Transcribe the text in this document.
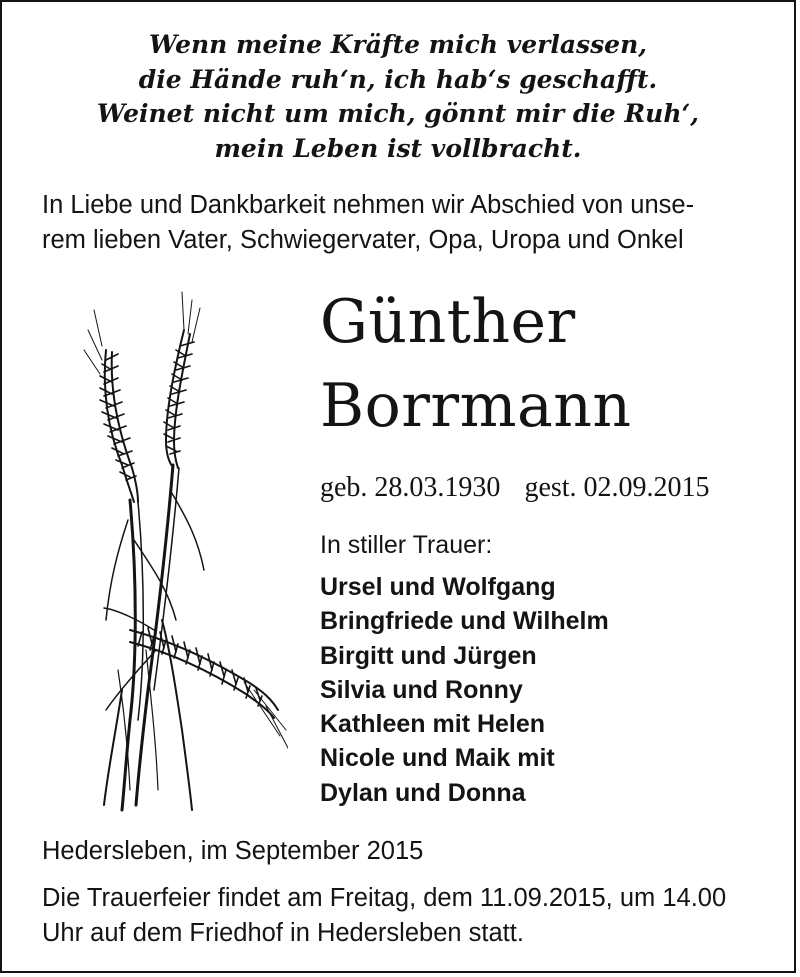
Wenn meine Kräfte mich verlassen,
die Hände ruh‘n, ich hab‘s geschafft.
Weinet nicht um mich, gönnt mir die Ruh‘,
mein Leben ist vollbracht.
In Liebe und Dankbarkeit nehmen wir Abschied von unse-
rem lieben Vater, Schwiegervater, Opa, Uropa und Onkel
Günther
Borrmann
geb. 28.03.1930 gest. 02.09.2015
In stiller Trauer:
Ursel und Wolfgang
Bringfriede und Wilhelm
Birgitt und Jürgen
Silvia und Ronny
Kathleen mit Helen
Nicole und Maik mit
Dylan und Donna
Hedersleben, im September 2015
Die Trauerfeier findet am Freitag, dem 11.09.2015, um 14.00
Uhr auf dem Friedhof in Hedersleben statt.
